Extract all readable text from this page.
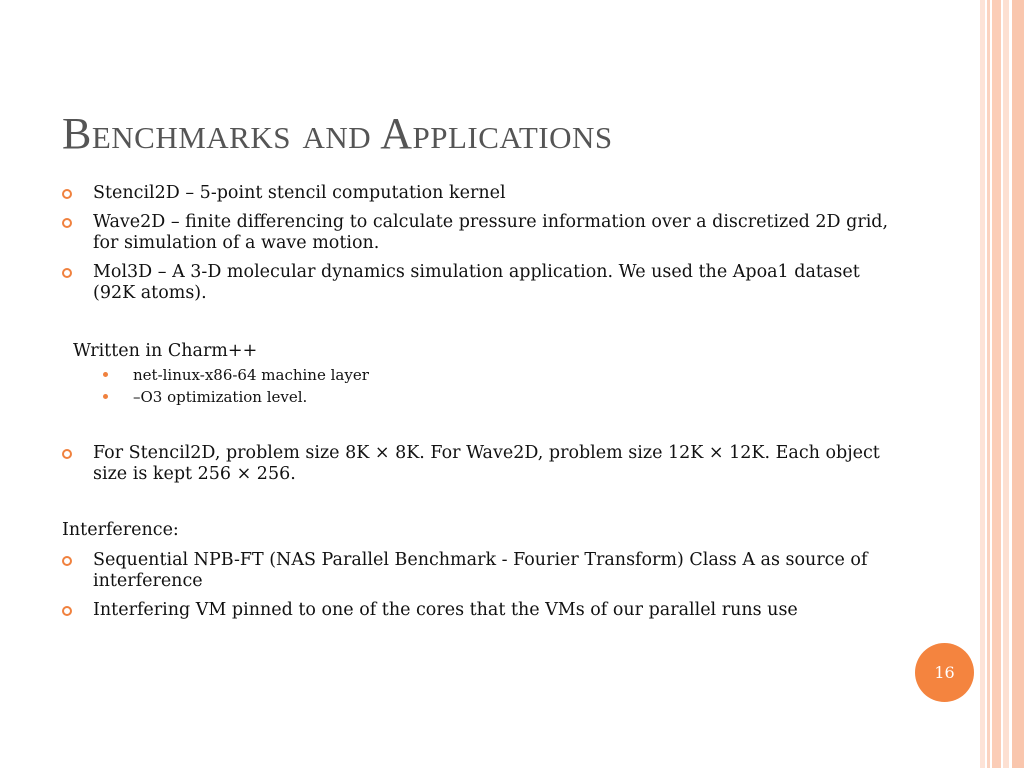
Benchmarks and Applications
Stencil2D – 5-point stencil computation kernel
Wave2D – finite differencing to calculate pressure information over a discretized 2D grid, for simulation of a wave motion.
Mol3D – A 3-D molecular dynamics simulation application. We used the Apoa1 dataset (92K atoms).
Written in Charm++
net-linux-x86-64 machine layer
–O3 optimization level.
For Stencil2D, problem size 8K × 8K. For Wave2D, problem size 12K × 12K. Each object size is kept 256 × 256.
Interference:
Sequential NPB-FT (NAS Parallel Benchmark - Fourier Transform) Class A as source of interference
Interfering VM pinned to one of the cores that the VMs of our parallel runs use
16
